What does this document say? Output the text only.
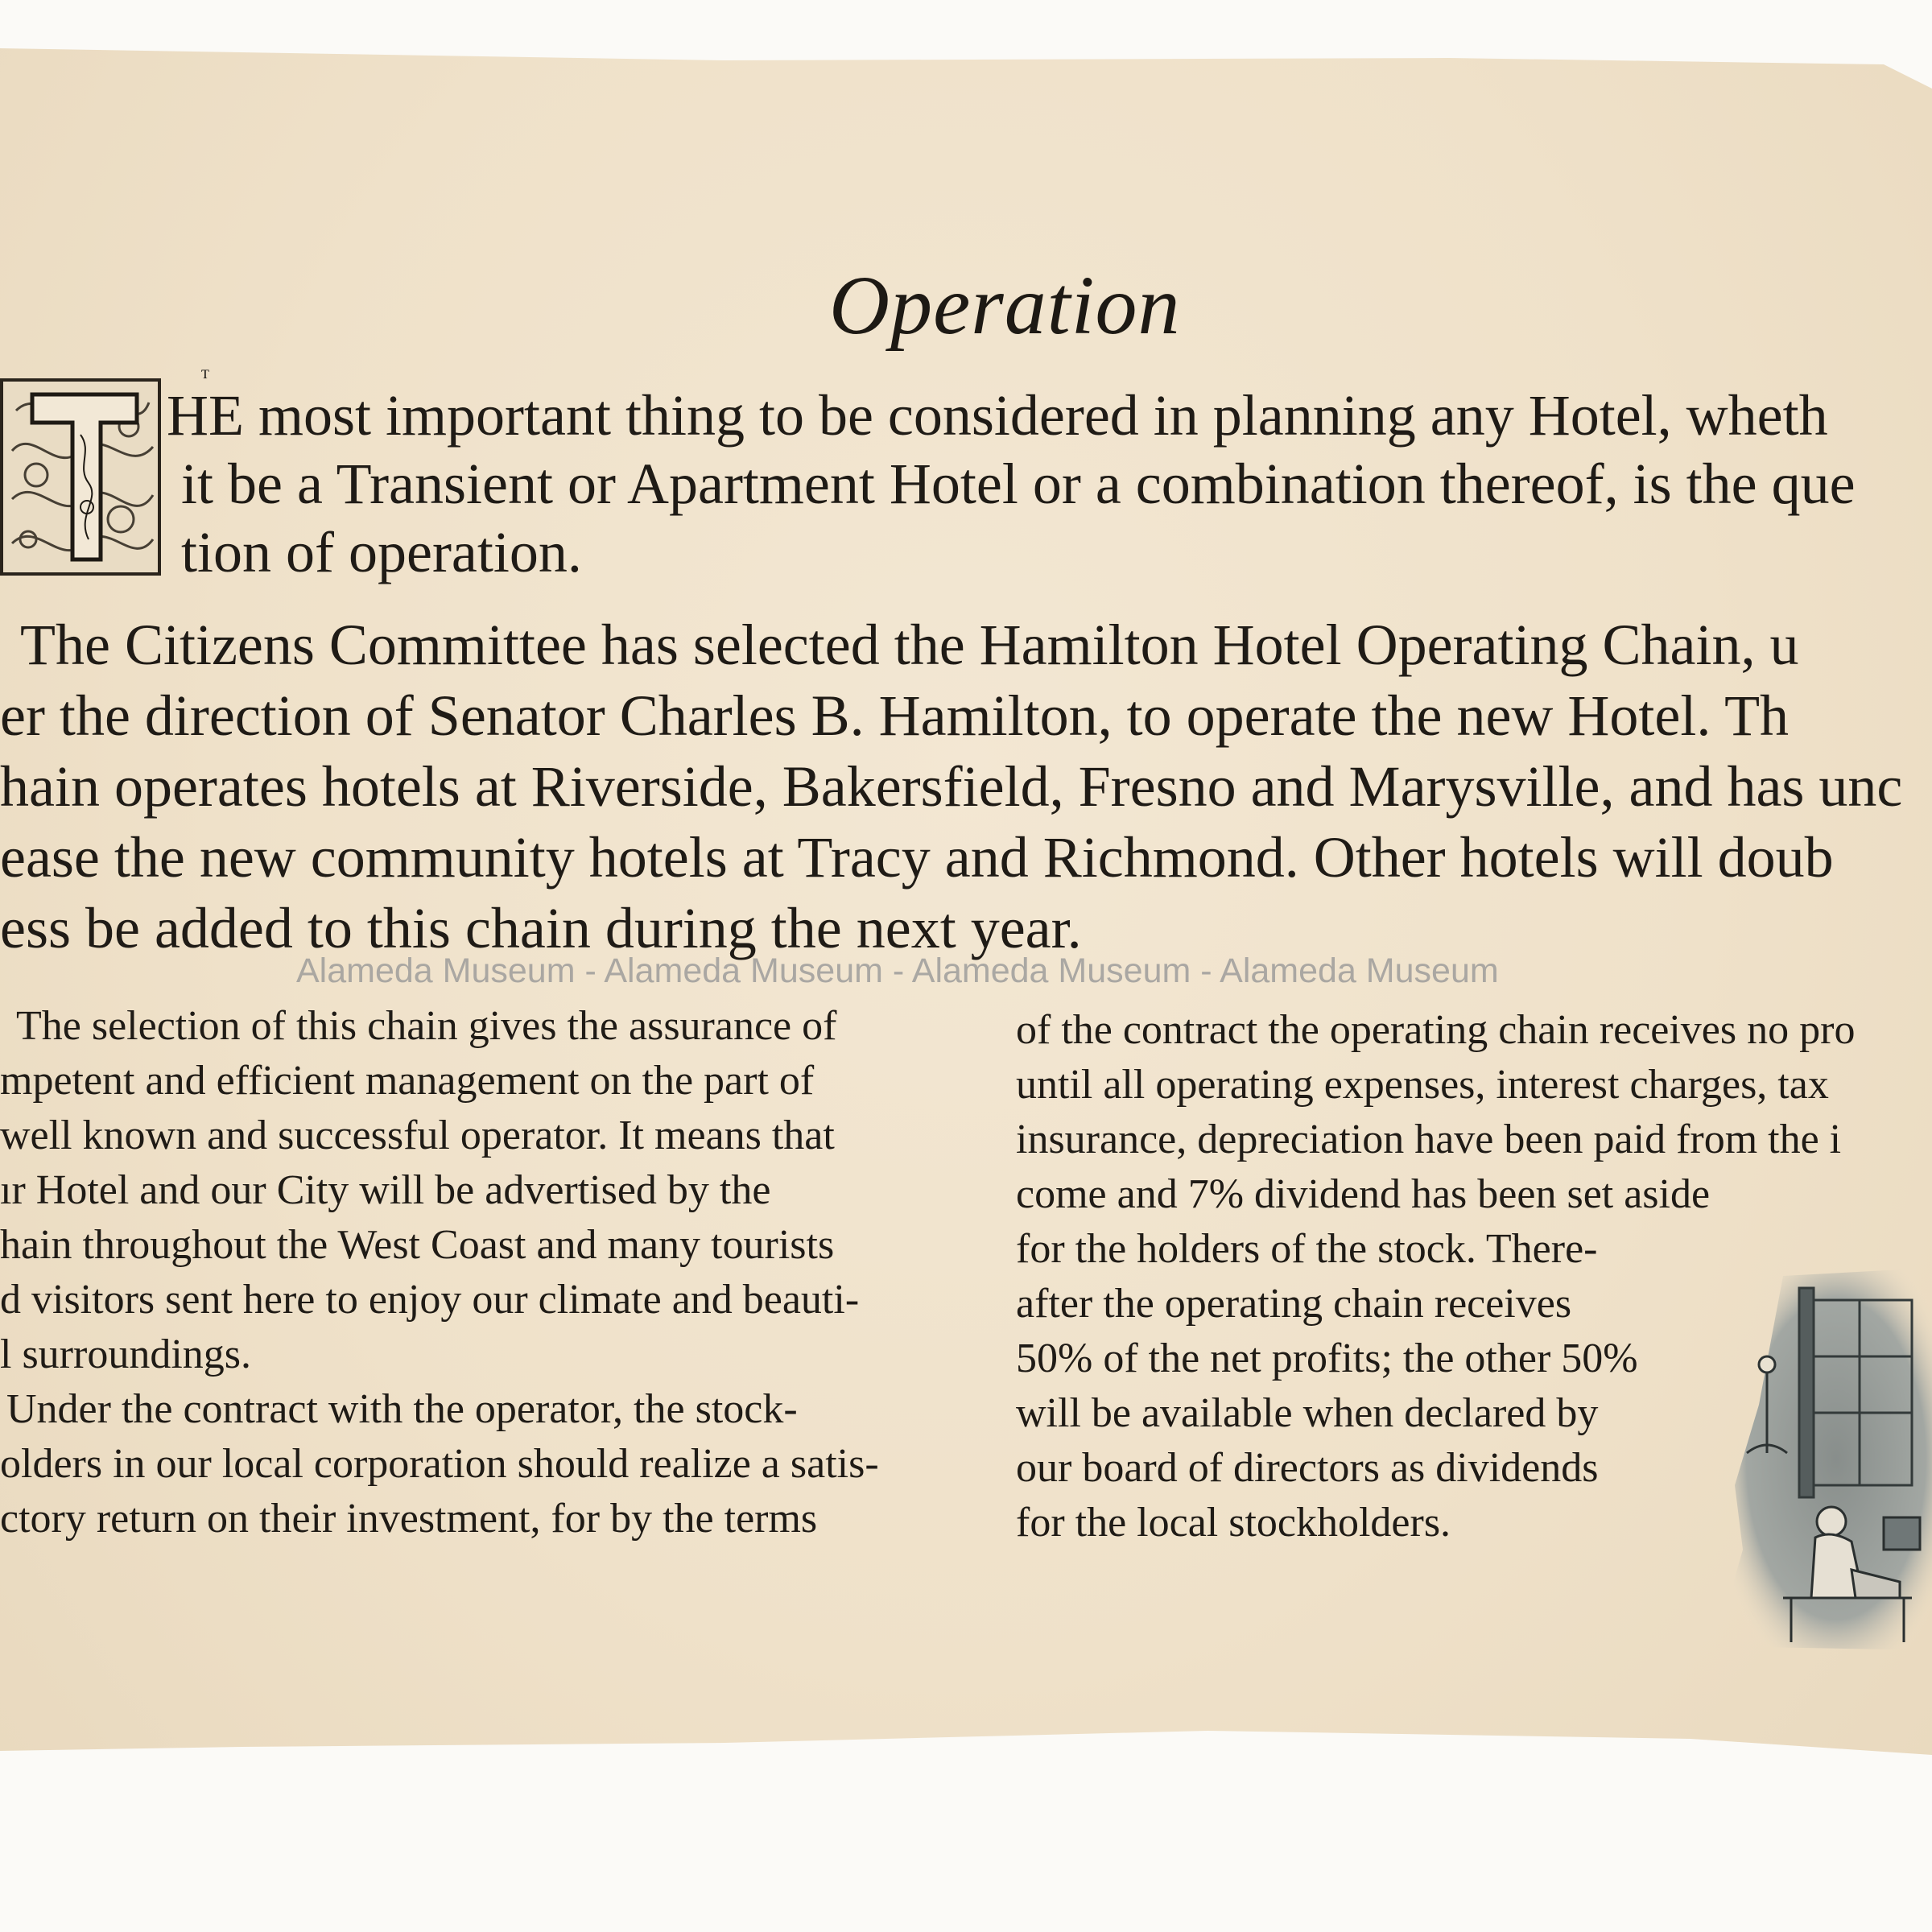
Operation
T
HE most important thing to be considered in planning any Hotel, wheth
it be a Transient or Apartment Hotel or a combination thereof, is the que
tion of operation.
The Citizens Committee has selected the Hamilton Hotel Operating Chain, u
er the direction of Senator Charles B. Hamilton, to operate the new Hotel. Th
hain operates hotels at Riverside, Bakersfield, Fresno and Marysville, and has unc
ease the new community hotels at Tracy and Richmond. Other hotels will doub
ess be added to this chain during the next year.
Alameda Museum - Alameda Museum - Alameda Museum - Alameda Museum
The selection of this chain gives the assurance of
mpetent and efficient management on the part of
well known and successful operator. It means that
ır Hotel and our City will be advertised by the
hain throughout the West Coast and many tourists
d visitors sent here to enjoy our climate and beauti-
l surroundings.
Under the contract with the operator, the stock-
olders in our local corporation should realize a satis-
ctory return on their investment, for by the terms
of the contract the operating chain receives no pro
until all operating expenses, interest charges, tax
insurance, depreciation have been paid from the i
come and 7% dividend has been set aside
for the holders of the stock. There-
after the operating chain receives
50% of the net profits; the other 50%
will be available when declared by
our board of directors as dividends
for the local stockholders.
